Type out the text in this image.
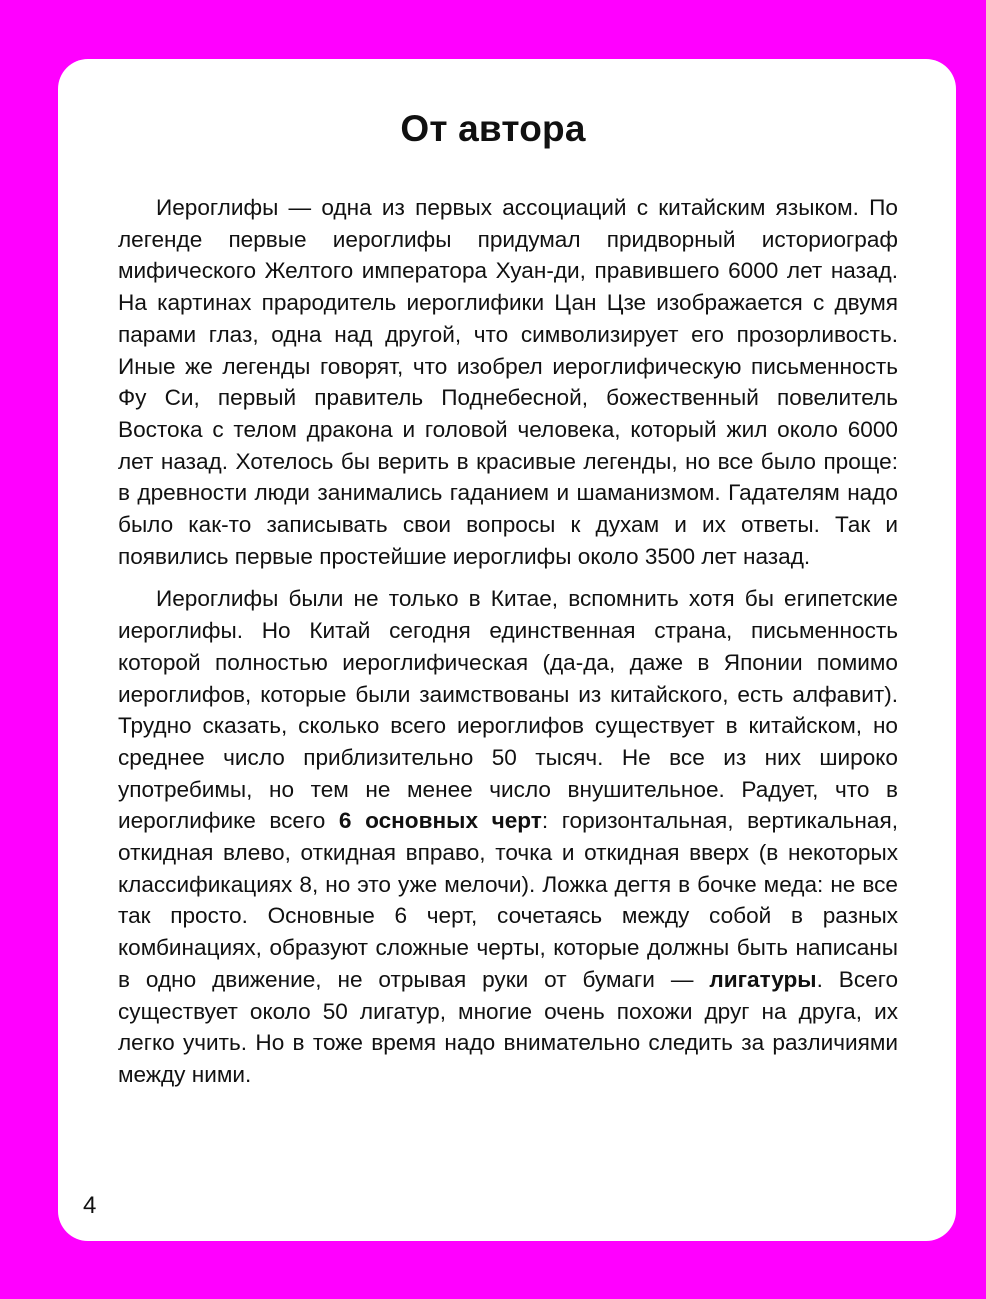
От автора

Иероглифы — одна из первых ассоциаций с китайским языком. По легенде первые иероглифы придумал придворный историограф мифического Желтого императора Хуан-ди, правившего 6000 лет назад. На картинах прародитель иероглифики Цан Цзе изображается с двумя парами глаз, одна над другой, что символизирует его прозорливость. Иные же легенды говорят, что изобрел иероглифическую письменность Фу Си, первый правитель Поднебесной, божественный повелитель Востока с телом дракона и головой человека, который жил около 6000 лет назад. Хотелось бы верить в красивые легенды, но все было проще: в древности люди занимались гаданием и шаманизмом. Гадателям надо было как-то записывать свои вопросы к духам и их ответы. Так и появились первые простейшие иероглифы около 3500 лет назад.

Иероглифы были не только в Китае, вспомнить хотя бы египетские иероглифы. Но Китай сегодня единственная страна, письменность которой полностью иероглифическая (да-да, даже в Японии помимо иероглифов, которые были заимствованы из китайского, есть алфавит). Трудно сказать, сколько всего иероглифов существует в китайском, но среднее число приблизительно 50 тысяч. Не все из них широко употребимы, но тем не менее число внушительное. Радует, что в иероглифике всего 6 основных черт: горизонтальная, вертикальная, откидная влево, откидная вправо, точка и откидная вверх (в некоторых классификациях 8, но это уже мелочи). Ложка дегтя в бочке меда: не все так просто. Основные 6 черт, сочетаясь между собой в разных комбинациях, образуют сложные черты, которые должны быть написаны в одно движение, не отрывая руки от бумаги — лигатуры. Всего существует около 50 лигатур, многие очень похожи друг на друга, их легко учить. Но в тоже время надо внимательно следить за различиями между ними.

4
